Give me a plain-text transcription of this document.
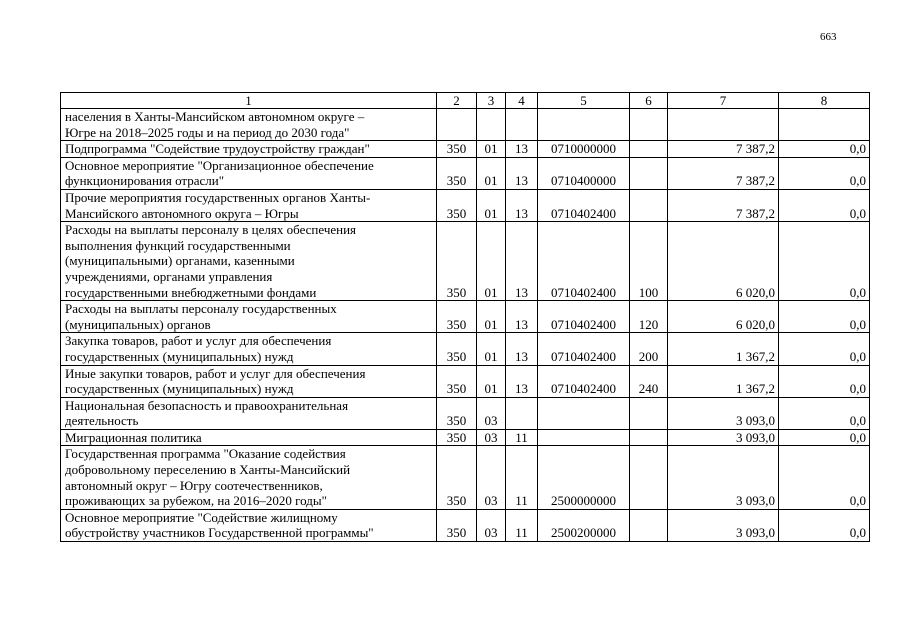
663
1	2	3	4	5	6	7	8
населения в Ханты-Мансийском автономном округе –
Югре на 2018–2025 годы и на период до 2030 года"							
Подпрограмма "Содействие трудоустройству граждан"	350	01	13	0710000000		7 387,2	0,0
Основное мероприятие "Организационное обеспечение
функционирования отрасли"	350	01	13	0710400000		7 387,2	0,0
Прочие мероприятия государственных органов Ханты-
Мансийского автономного округа – Югры	350	01	13	0710402400		7 387,2	0,0
Расходы на выплаты персоналу в целях обеспечения
выполнения функций государственными
(муниципальными) органами, казенными
учреждениями, органами управления
государственными внебюджетными фондами	350	01	13	0710402400	100	6 020,0	0,0
Расходы на выплаты персоналу государственных
(муниципальных) органов	350	01	13	0710402400	120	6 020,0	0,0
Закупка товаров, работ и услуг для обеспечения
государственных (муниципальных) нужд	350	01	13	0710402400	200	1 367,2	0,0
Иные закупки товаров, работ и услуг для обеспечения
государственных (муниципальных) нужд	350	01	13	0710402400	240	1 367,2	0,0
Национальная безопасность и правоохранительная
деятельность	350	03				3 093,0	0,0
Миграционная политика	350	03	11			3 093,0	0,0
Государственная программа "Оказание содействия
добровольному переселению в Ханты-Мансийский
автономный округ – Югру соотечественников,
проживающих за рубежом, на 2016–2020 годы"	350	03	11	2500000000		3 093,0	0,0
Основное мероприятие "Содействие жилищному
обустройству участников Государственной программы"	350	03	11	2500200000		3 093,0	0,0
